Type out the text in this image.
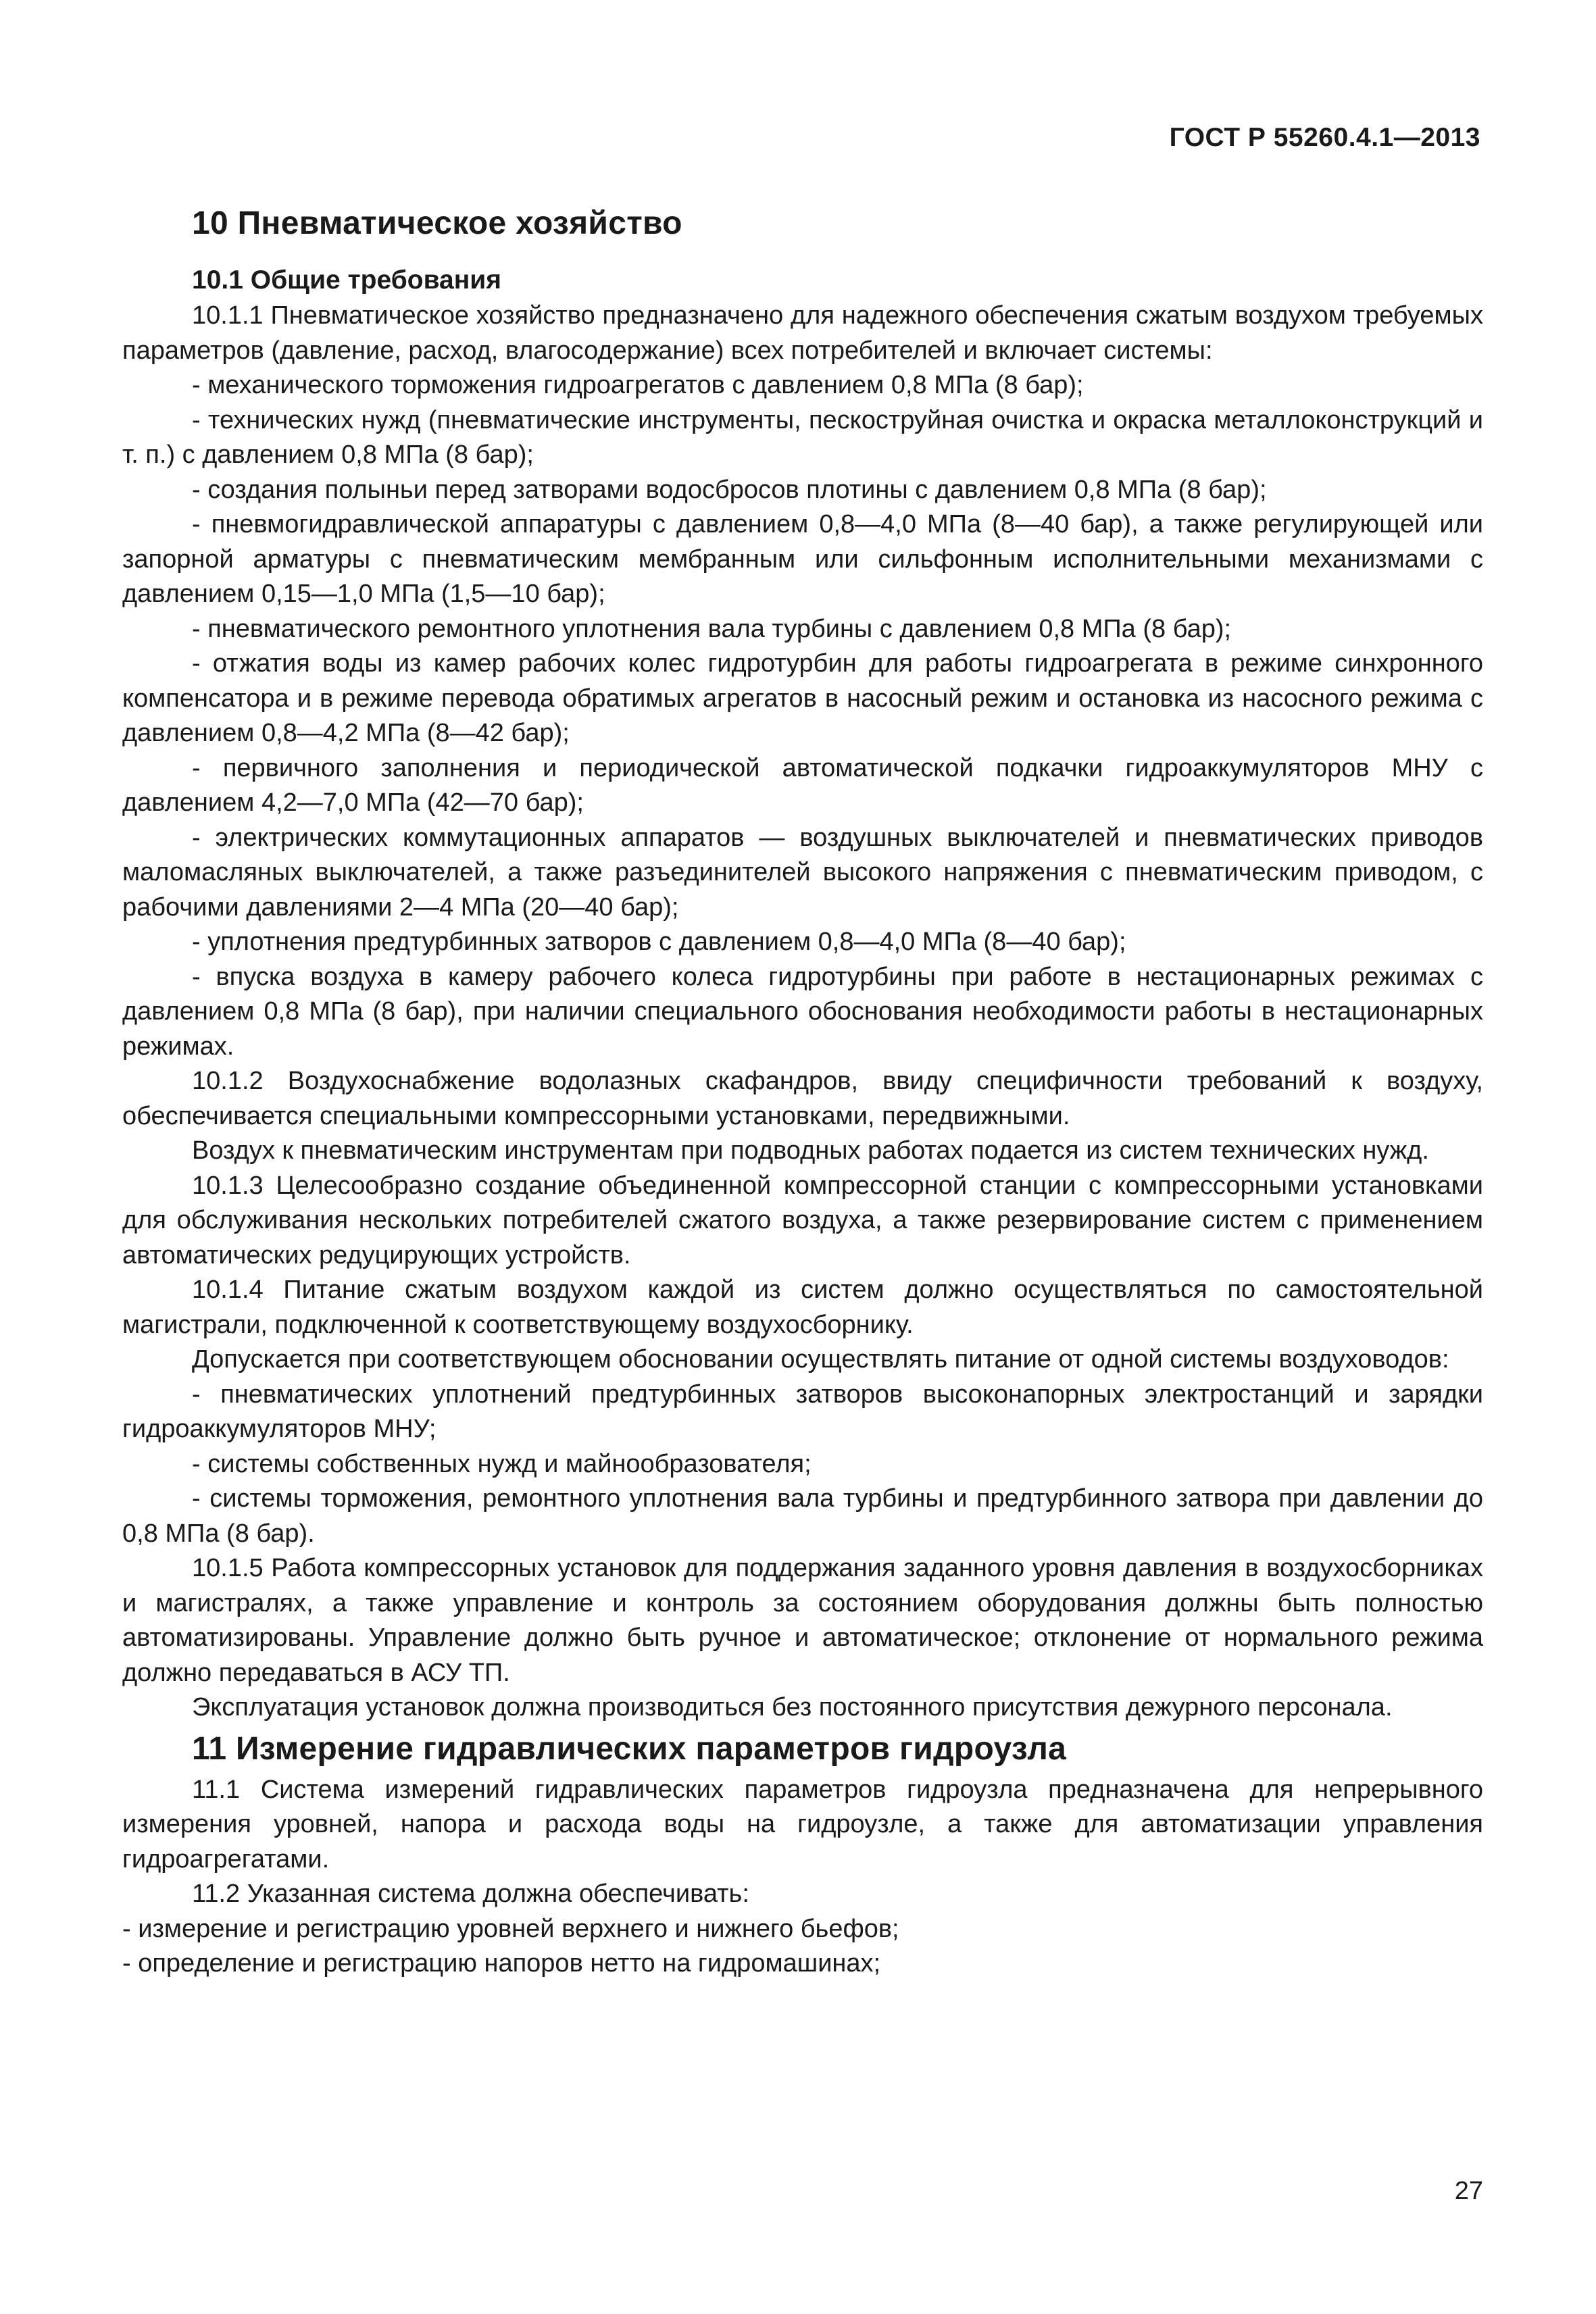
ГОСТ Р 55260.4.1—2013
10 Пневматическое хозяйство
10.1 Общие требования

10.1.1 Пневматическое хозяйство предназначено для надежного обеспечения сжатым воздухом требуемых параметров (давление, расход, влагосодержание) всех потребителей и включает системы:

- механического торможения гидроагрегатов с давлением 0,8 МПа (8 бар);

- технических нужд (пневматические инструменты, пескоструйная очистка и окраска металлоконструкций и т. п.) с давлением 0,8 МПа (8 бар);

- создания полыньи перед затворами водосбросов плотины с давлением 0,8 МПа (8 бар);

- пневмогидравлической аппаратуры с давлением 0,8—4,0 МПа (8—40 бар), а также регулирующей или запорной арматуры с пневматическим мембранным или сильфонным исполнительными механизмами с давлением 0,15—1,0 МПа (1,5—10 бар);

- пневматического ремонтного уплотнения вала турбины с давлением 0,8 МПа (8 бар);

- отжатия воды из камер рабочих колес гидротурбин для работы гидроагрегата в режиме синхронного компенсатора и в режиме перевода обратимых агрегатов в насосный режим и остановка из насосного режима с давлением 0,8—4,2 МПа (8—42 бар);

- первичного заполнения и периодической автоматической подкачки гидроаккумуляторов МНУ с давлением 4,2—7,0 МПа (42—70 бар);

- электрических коммутационных аппаратов — воздушных выключателей и пневматических приводов маломасляных выключателей, а также разъединителей высокого напряжения с пневматическим приводом, с рабочими давлениями 2—4 МПа (20—40 бар);

- уплотнения предтурбинных затворов с давлением 0,8—4,0 МПа (8—40 бар);

- впуска воздуха в камеру рабочего колеса гидротурбины при работе в нестационарных режимах с давлением 0,8 МПа (8 бар), при наличии специального обоснования необходимости работы в нестационарных режимах.

10.1.2 Воздухоснабжение водолазных скафандров, ввиду специфичности требований к воздуху, обеспечивается специальными компрессорными установками, передвижными.

Воздух к пневматическим инструментам при подводных работах подается из систем технических нужд.

10.1.3 Целесообразно создание объединенной компрессорной станции с компрессорными установками для обслуживания нескольких потребителей сжатого воздуха, а также резервирование систем с применением автоматических редуцирующих устройств.

10.1.4 Питание сжатым воздухом каждой из систем должно осуществляться по самостоятельной магистрали, подключенной к соответствующему воздухосборнику.

Допускается при соответствующем обосновании осуществлять питание от одной системы воздуховодов:

- пневматических уплотнений предтурбинных затворов высоконапорных электростанций и зарядки гидроаккумуляторов МНУ;

- системы собственных нужд и майнообразователя;

- системы торможения, ремонтного уплотнения вала турбины и предтурбинного затвора при давлении до 0,8 МПа (8 бар).

10.1.5 Работа компрессорных установок для поддержания заданного уровня давления в воздухосборниках и магистралях, а также управление и контроль за состоянием оборудования должны быть полностью автоматизированы. Управление должно быть ручное и автоматическое; отклонение от нормального режима должно передаваться в АСУ ТП.

Эксплуатация установок должна производиться без постоянного присутствия дежурного персонала.

11 Измерение гидравлических параметров гидроузла

11.1 Система измерений гидравлических параметров гидроузла предназначена для непрерывного измерения уровней, напора и расхода воды на гидроузле, а также для автоматизации управления гидроагрегатами.

11.2 Указанная система должна обеспечивать:

- измерение и регистрацию уровней верхнего и нижнего бьефов;

- определение и регистрацию напоров нетто на гидромашинах;

27
